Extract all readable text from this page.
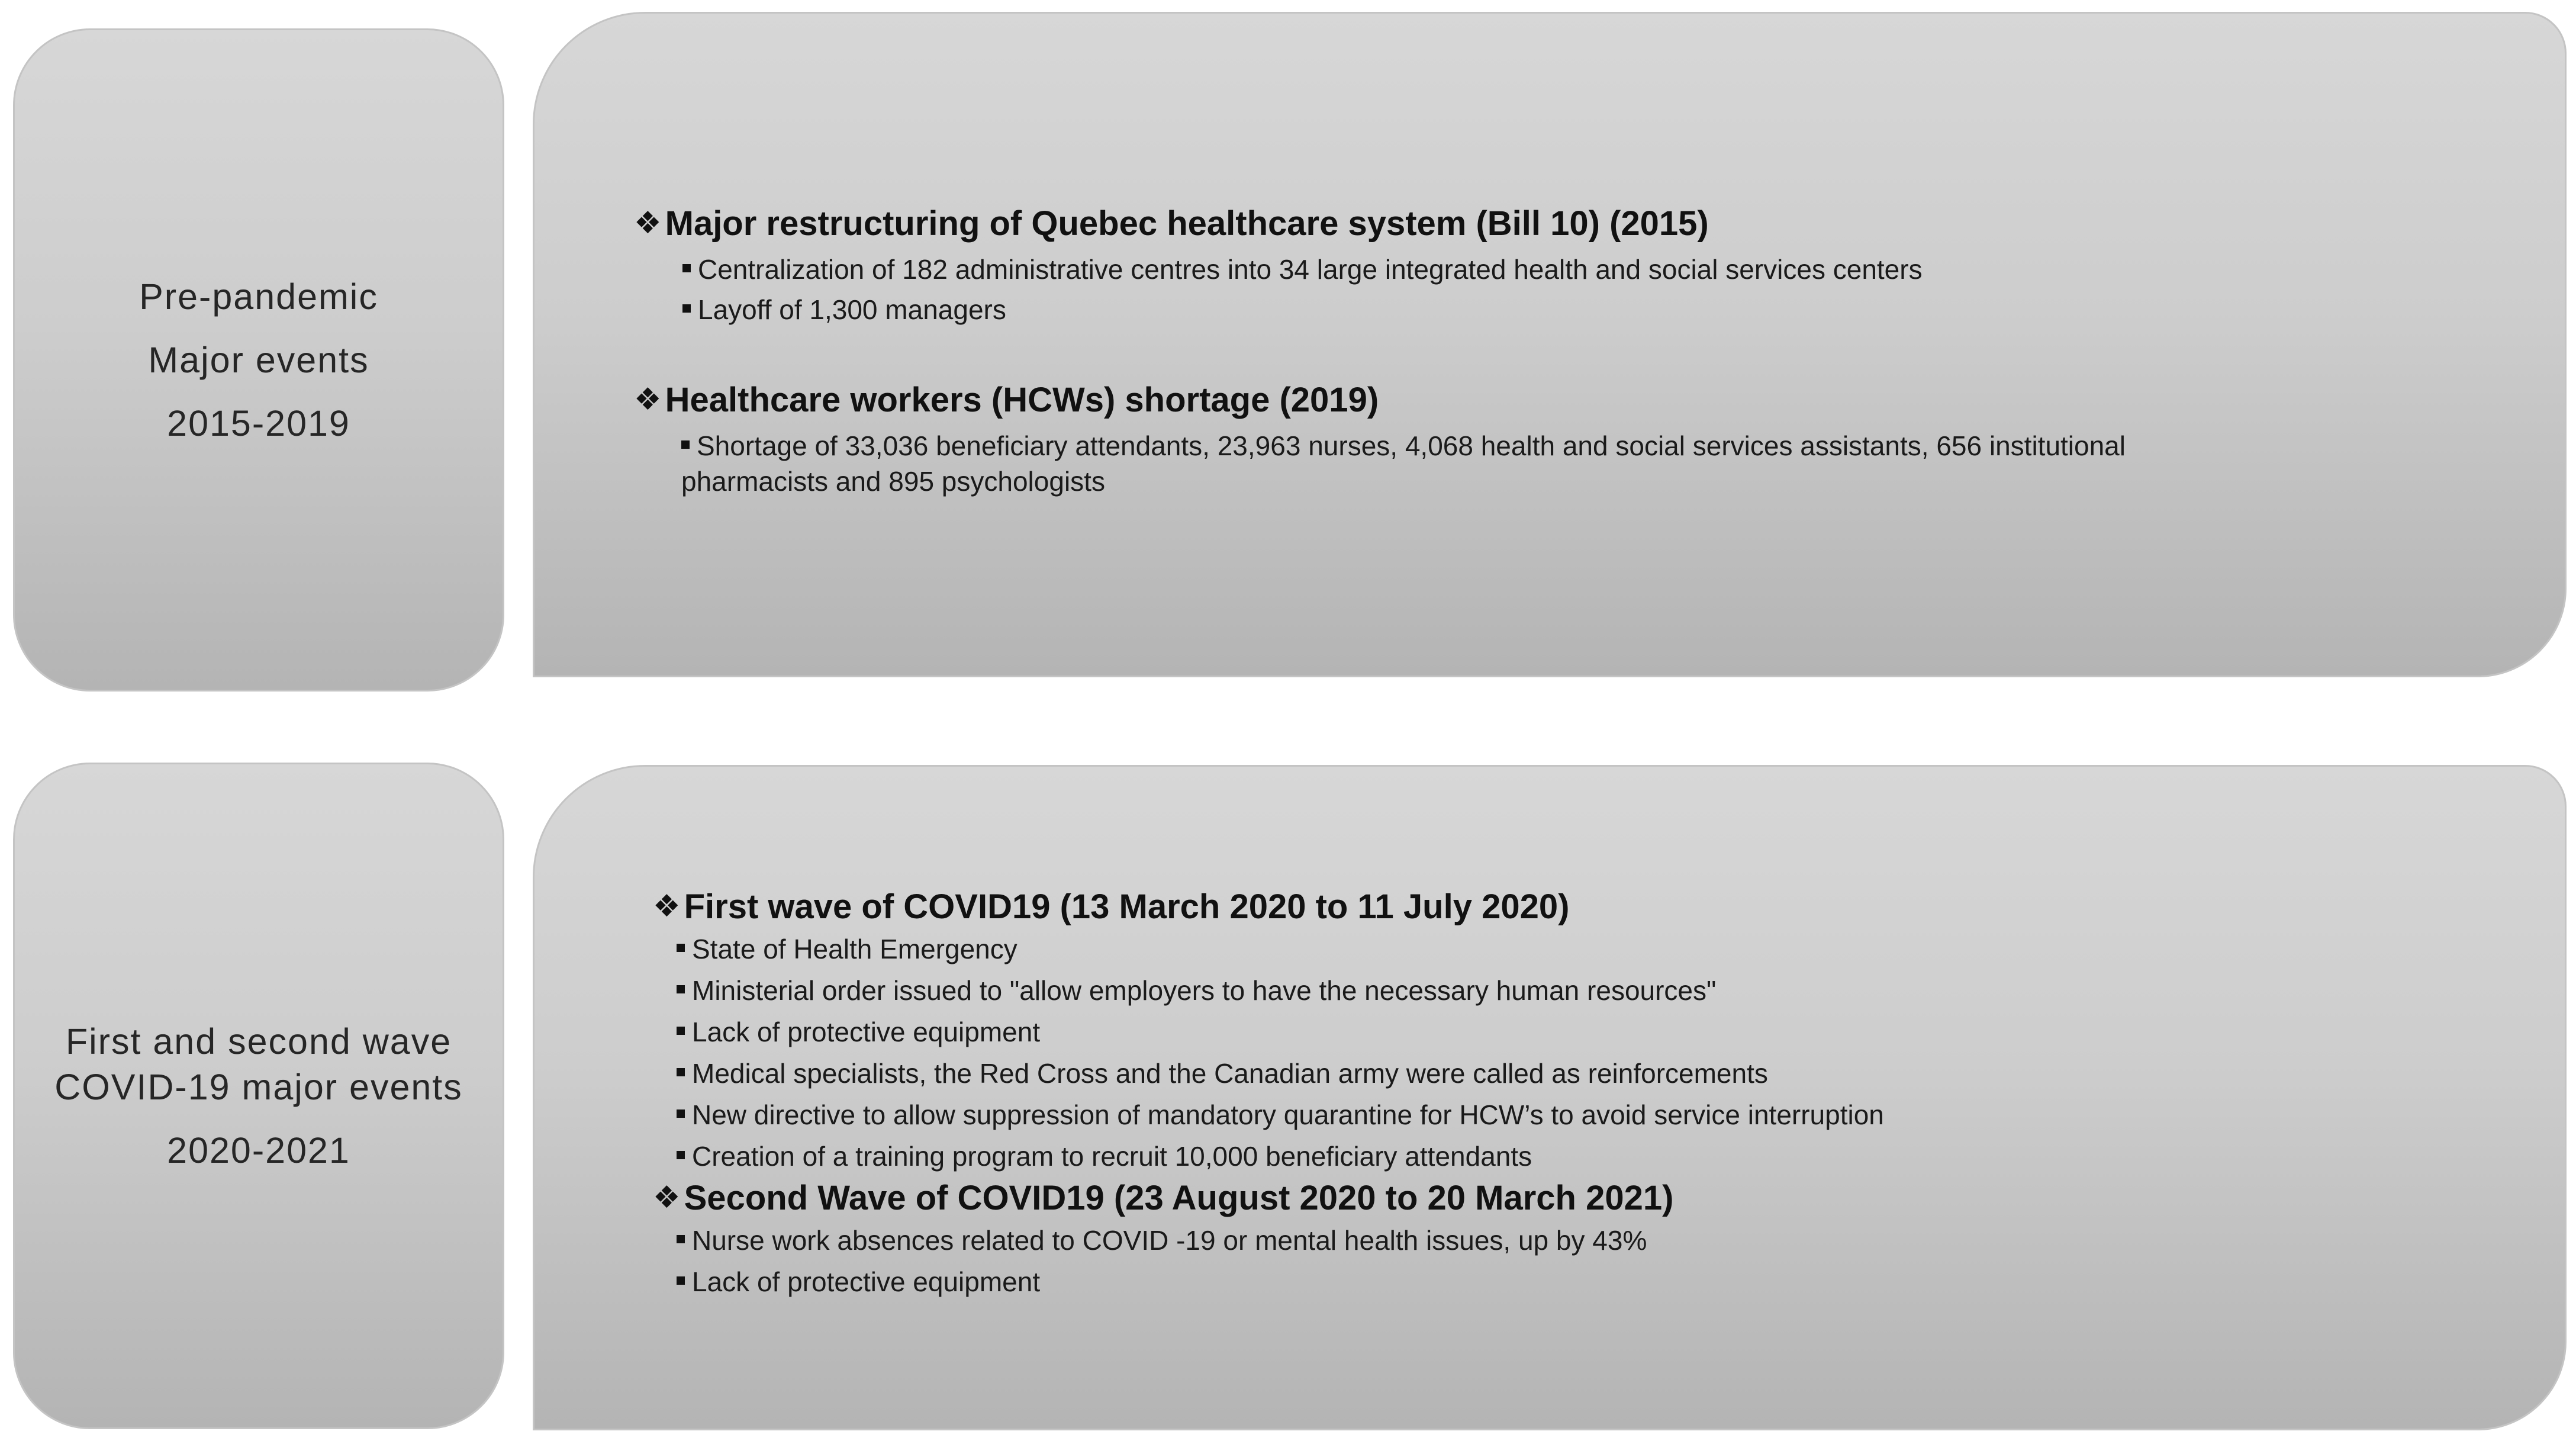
Pre-pandemic
Major events
2015-2019
❖ Major restructuring of Quebec healthcare system (Bill 10) (2015)
Centralization of 182 administrative centres into 34 large integrated health and social services centers
Layoff of 1,300 managers
❖ Healthcare workers (HCWs) shortage (2019)
Shortage of 33,036 beneficiary attendants, 23,963 nurses, 4,068 health and social services assistants, 656 institutional pharmacists and 895 psychologists
First and second wave
COVID-19 major events
2020-2021
❖ First wave of COVID19 (13 March 2020 to 11 July 2020)
State of Health Emergency
Ministerial order issued to "allow employers to have the necessary human resources"
Lack of protective equipment
Medical specialists, the Red Cross and the Canadian army were called as reinforcements
New directive to allow suppression of mandatory quarantine for HCW’s to avoid service interruption
Creation of a training program to recruit 10,000 beneficiary attendants
❖ Second Wave of COVID19 (23 August 2020 to 20 March 2021)
Nurse work absences related to COVID -19 or mental health issues, up by 43%
Lack of protective equipment
